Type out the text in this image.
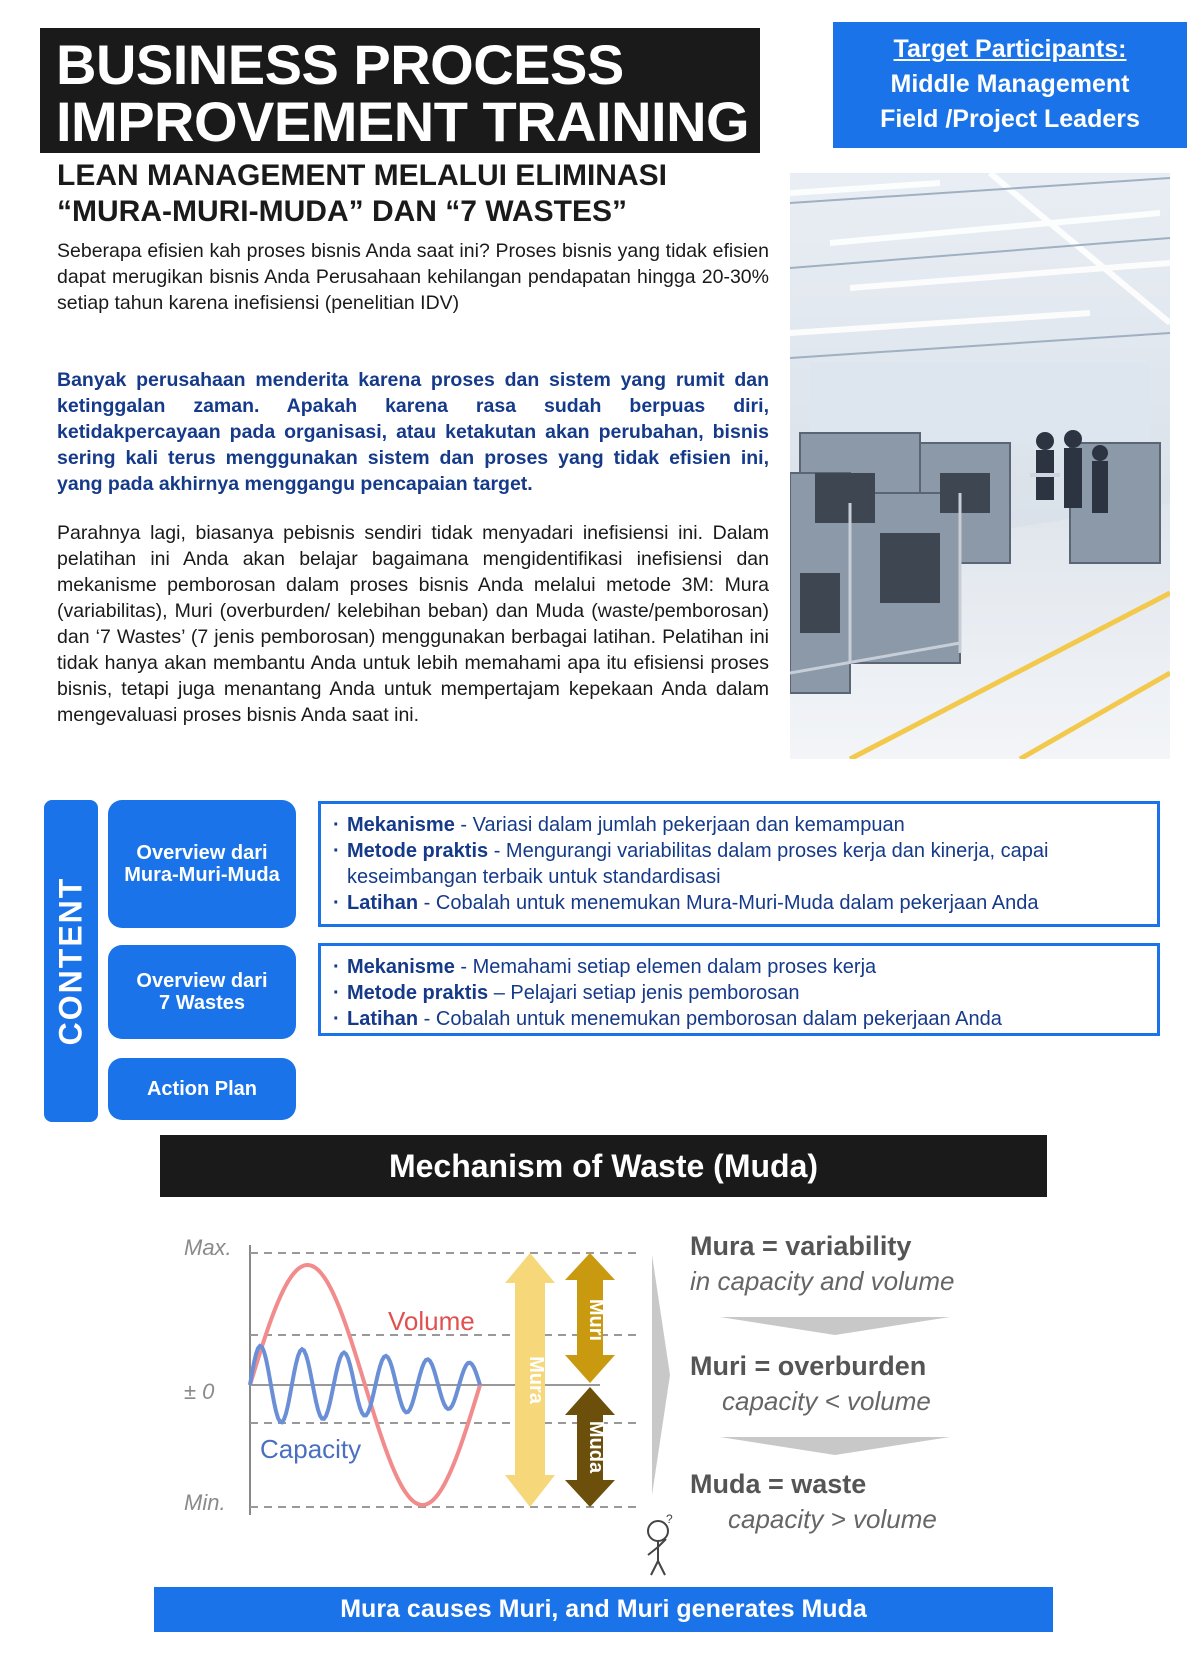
BUSINESS PROCESS
IMPROVEMENT TRAINING
Target Participants:
Middle Management
Field /Project Leaders
LEAN MANAGEMENT MELALUI ELIMINASI
“MURA-MURI-MUDA” DAN “7 WASTES”

Seberapa efisien kah proses bisnis Anda saat ini? Proses bisnis yang tidak efisien dapat merugikan bisnis Anda Perusahaan kehilangan pendapatan hingga 20-30% setiap tahun karena inefisiensi (penelitian IDV)

Banyak perusahaan menderita karena proses dan sistem yang rumit dan ketinggalan zaman. Apakah karena rasa sudah berpuas diri, ketidakpercayaan pada organisasi, atau ketakutan akan perubahan, bisnis sering kali terus menggunakan sistem dan proses yang tidak efisien ini, yang pada akhirnya menggangu pencapaian target.

Parahnya lagi, biasanya pebisnis sendiri tidak menyadari inefisiensi ini. Dalam pelatihan ini Anda akan belajar bagaimana mengidentifikasi inefisiensi dan mekanisme pemborosan dalam proses bisnis Anda melalui metode 3M: Mura (variabilitas), Muri (overburden/ kelebihan beban) dan Muda (waste/pemborosan) dan ‘7 Wastes’ (7 jenis pemborosan) menggunakan berbagai latihan. Pelatihan ini tidak hanya akan membantu Anda untuk lebih memahami apa itu efisiensi proses bisnis, tetapi juga menantang Anda untuk mempertajam kepekaan Anda dalam mengevaluasi proses bisnis Anda saat ini.

CONTENT
Overview dari
Mura-Muri-Muda
Overview dari
7 Wastes
Action Plan
· Mekanisme - Variasi dalam jumlah pekerjaan dan kemampuan
· Metode praktis - Mengurangi variabilitas dalam proses kerja dan kinerja, capai keseimbangan terbaik untuk standardisasi
· Latihan - Cobalah untuk menemukan Mura-Muri-Muda dalam pekerjaan Anda
· Mekanisme - Memahami setiap elemen dalam proses kerja
· Metode praktis – Pelajari setiap jenis pemborosan
· Latihan - Cobalah untuk menemukan pemborosan dalam pekerjaan Anda
Mechanism of Waste (Muda)
Max.
± 0
Min.
Volume
Capacity
Mura
Muri
Muda
Mura = variability
in capacity and volume
Muri = overburden
capacity < volume
Muda = waste
capacity > volume
?
Mura causes Muri, and Muri generates Muda
